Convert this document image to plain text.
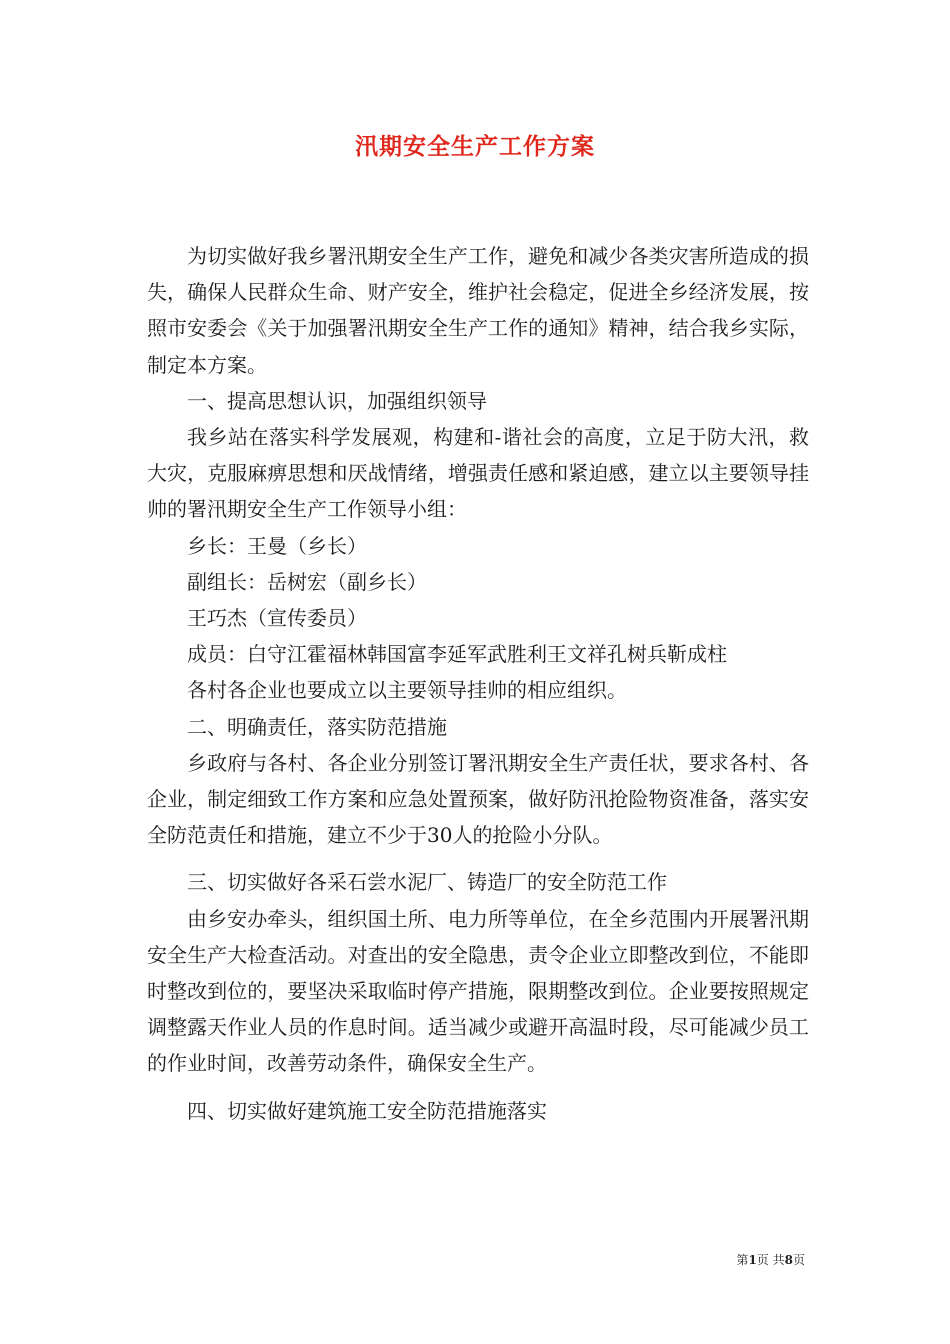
汛期安全生产工作方案

为切实做好我乡署汛期安全生产工作，避免和减少各类灾害所造成的损失，确保人民群众生命、财产安全，维护社会稳定，促进全乡经济发展，按照市安委会《关于加强署汛期安全生产工作的通知》精神，结合我乡实际，制定本方案。

一、提高思想认识，加强组织领导

我乡站在落实科学发展观，构建和-谐社会的高度，立足于防大汛，救大灾，克服麻痹思想和厌战情绪，增强责任感和紧迫感，建立以主要领导挂帅的署汛期安全生产工作领导小组：

乡长：王曼（乡长）

副组长：岳树宏（副乡长）

王巧杰（宣传委员）

成员：白守江霍福林韩国富李延军武胜利王文祥孔树兵靳成柱

各村各企业也要成立以主要领导挂帅的相应组织。

二、明确责任，落实防范措施

乡政府与各村、各企业分别签订署汛期安全生产责任状，要求各村、各企业，制定细致工作方案和应急处置预案，做好防汛抢险物资准备，落实安全防范责任和措施，建立不少于30人的抢险小分队。

三、切实做好各采石尝水泥厂、铸造厂的安全防范工作

由乡安办牵头，组织国土所、电力所等单位，在全乡范围内开展署汛期安全生产大检查活动。对查出的安全隐患，责令企业立即整改到位，不能即时整改到位的，要坚决采取临时停产措施，限期整改到位。企业要按照规定调整露天作业人员的作息时间。适当减少或避开高温时段，尽可能减少员工的作业时间，改善劳动条件，确保安全生产。

四、切实做好建筑施工安全防范措施落实

第1页 共8页
